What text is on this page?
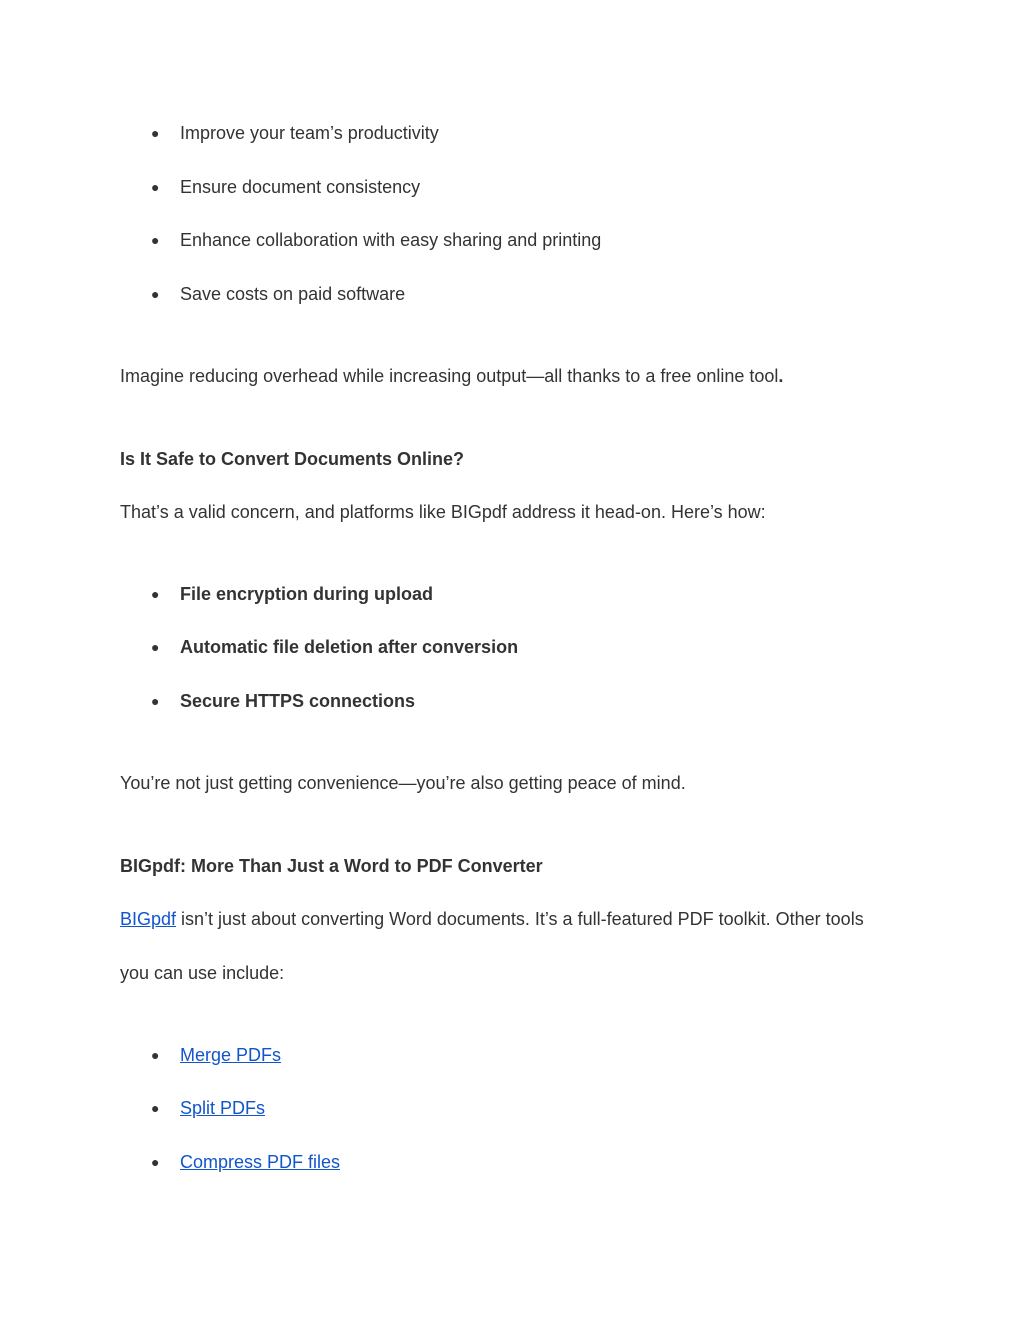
● Improve your team’s productivity
● Ensure document consistency
● Enhance collaboration with easy sharing and printing
● Save costs on paid software
Imagine reducing overhead while increasing output—all thanks to a free online tool.
Is It Safe to Convert Documents Online?
That’s a valid concern, and platforms like BIGpdf address it head-on. Here’s how:
● File encryption during upload
● Automatic file deletion after conversion
● Secure HTTPS connections
You’re not just getting convenience—you’re also getting peace of mind.
BIGpdf: More Than Just a Word to PDF Converter
BIGpdf isn’t just about converting Word documents. It’s a full-featured PDF toolkit. Other tools
you can use include:
● Merge PDFs
● Split PDFs
● Compress PDF files
